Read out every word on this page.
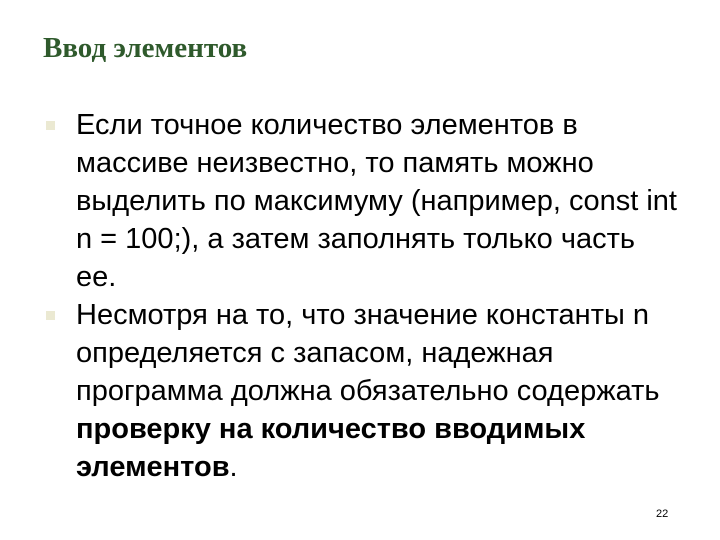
Ввод элементов
Если точное количество элементов в массиве неизвестно, то память можно выделить по максимуму (например, const int n = 100;), а затем заполнять только часть ее.
Несмотря на то, что значение константы n определяется с запасом, надежная программа должна обязательно содержать проверку на количество вводимых элементов.
22
